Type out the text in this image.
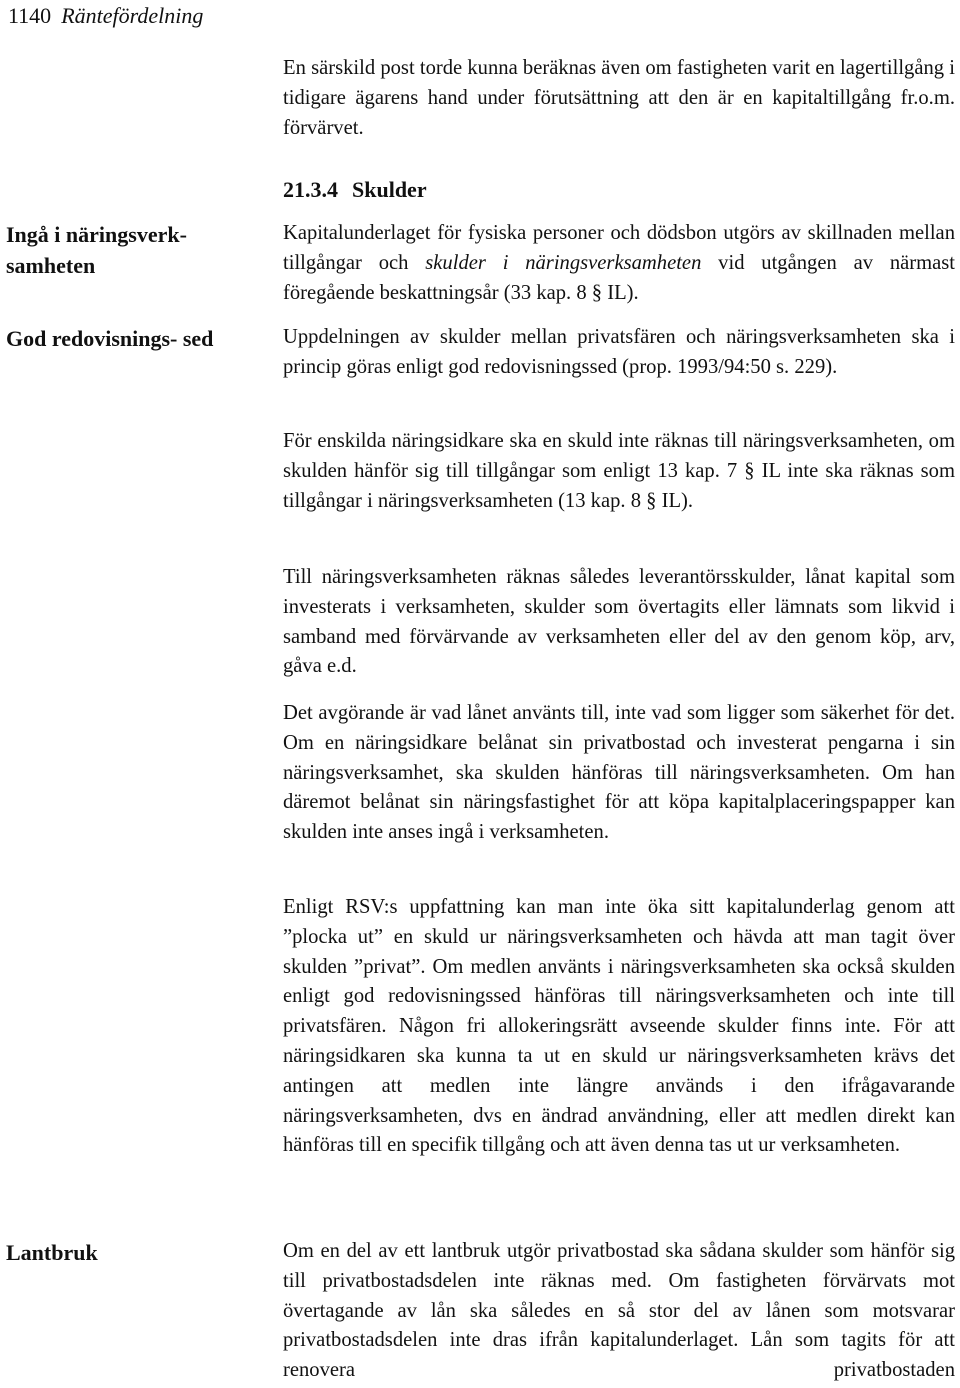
1140 Räntefördelning

En särskild post torde kunna beräknas även om fastigheten varit en lagertillgång i tidigare ägarens hand under förutsättning att den är en kapitaltillgång fr.o.m. förvärvet.

21.3.4 Skulder
Ingå i näringsverk- samheten
God redovisnings- sed
Lantbruk

Kapitalunderlaget för fysiska personer och dödsbon utgörs av skillnaden mellan tillgångar och skulder i näringsverksamheten vid utgången av närmast föregående beskattningsår (33 kap. 8 § IL).

Uppdelningen av skulder mellan privatsfären och näringsverksamheten ska i princip göras enligt god redovisningssed (prop. 1993/94:50 s. 229).

För enskilda näringsidkare ska en skuld inte räknas till näringsverksamheten, om skulden hänför sig till tillgångar som enligt 13 kap. 7 § IL inte ska räknas som tillgångar i näringsverksamheten (13 kap. 8 § IL).

Till näringsverksamheten räknas således leverantörsskulder, lånat kapital som investerats i verksamheten, skulder som övertagits eller lämnats som likvid i samband med förvärvande av verksamheten eller del av den genom köp, arv, gåva e.d.

Det avgörande är vad lånet använts till, inte vad som ligger som säkerhet för det. Om en näringsidkare belånat sin privatbostad och investerat pengarna i sin näringsverksamhet, ska skulden hänföras till näringsverksamheten. Om han däremot belånat sin näringsfastighet för att köpa kapitalplaceringspapper kan skulden inte anses ingå i verksamheten.

Enligt RSV:s uppfattning kan man inte öka sitt kapitalunderlag genom att ”plocka ut” en skuld ur näringsverksamheten och hävda att man tagit över skulden ”privat”. Om medlen använts i näringsverksamheten ska också skulden enligt god redovisningssed hänföras till näringsverksamheten och inte till privatsfären. Någon fri allokeringsrätt avseende skulder finns inte. För att näringsidkaren ska kunna ta ut en skuld ur näringsverksamheten krävs det antingen att medlen inte längre används i den ifrågavarande näringsverksamheten, dvs en ändrad användning, eller att medlen direkt kan hänföras till en specifik tillgång och att även denna tas ut ur verksamheten.

Om en del av ett lantbruk utgör privatbostad ska sådana skulder som hänför sig till privatbostadsdelen inte räknas med. Om fastigheten förvärvats mot övertagande av lån ska således en så stor del av lånen som motsvarar privatbostadsdelen inte dras ifrån kapitalunderlaget. Lån som tagits för att renovera privatbostaden
